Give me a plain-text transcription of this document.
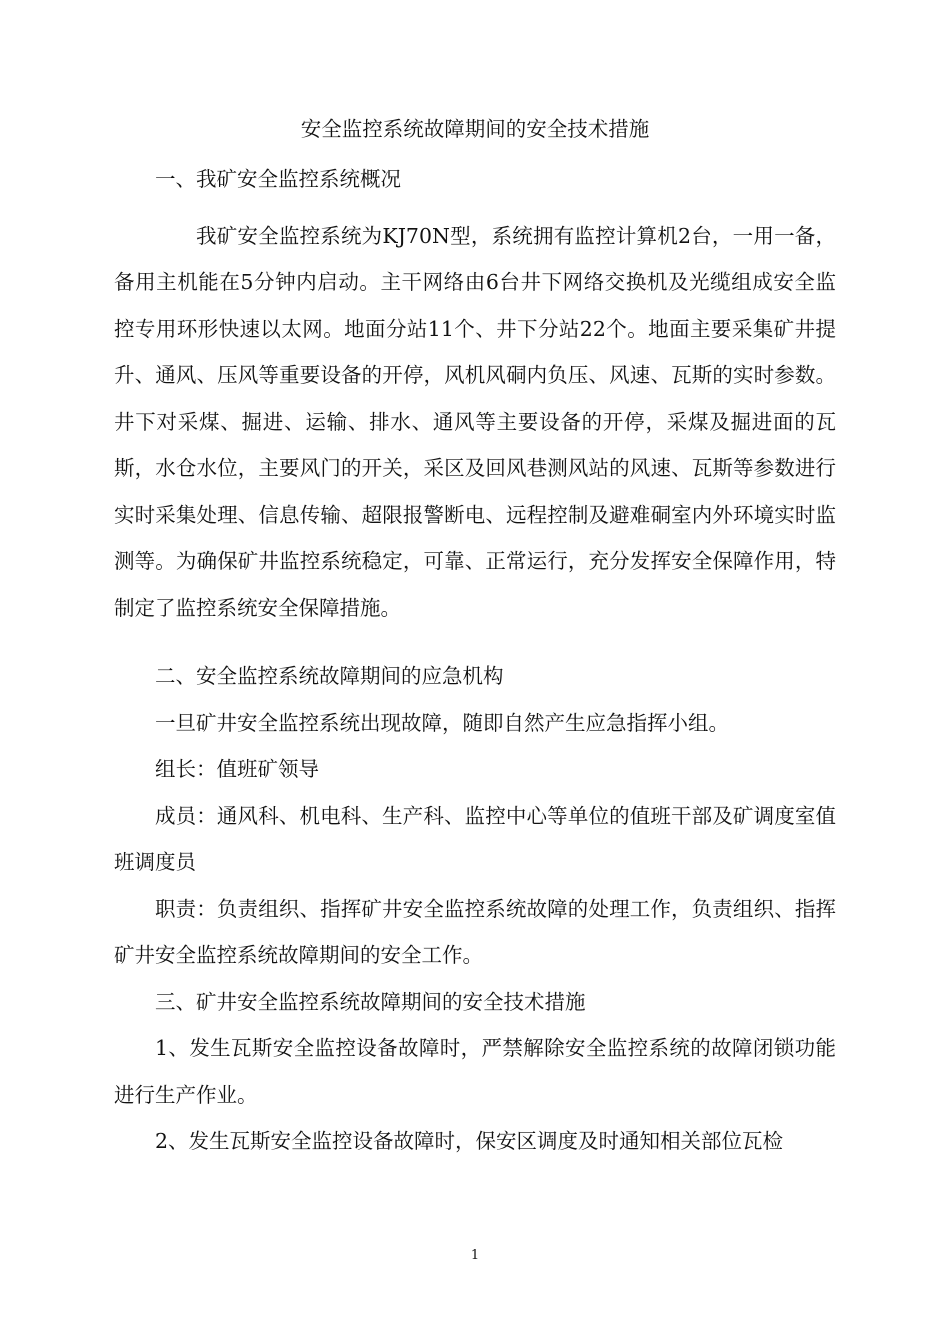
安全监控系统故障期间的安全技术措施

一、我矿安全监控系统概况

我矿安全监控系统为KJ70N型，系统拥有监控计算机2台，一用一备，备用主机能在5分钟内启动。主干网络由6台井下网络交换机及光缆组成安全监控专用环形快速以太网。地面分站11个、井下分站22个。地面主要采集矿井提升、通风、压风等重要设备的开停，风机风硐内负压、风速、瓦斯的实时参数。井下对采煤、掘进、运输、排水、通风等主要设备的开停，采煤及掘进面的瓦斯，水仓水位，主要风门的开关，采区及回风巷测风站的风速、瓦斯等参数进行实时采集处理、信息传输、超限报警断电、远程控制及避难硐室内外环境实时监测等。为确保矿井监控系统稳定，可靠、正常运行，充分发挥安全保障作用，特制定了监控系统安全保障措施。

二、安全监控系统故障期间的应急机构

一旦矿井安全监控系统出现故障，随即自然产生应急指挥小组。

组长：值班矿领导

成员：通风科、机电科、生产科、监控中心等单位的值班干部及矿调度室值班调度员

职责：负责组织、指挥矿井安全监控系统故障的处理工作，负责组织、指挥矿井安全监控系统故障期间的安全工作。

三、矿井安全监控系统故障期间的安全技术措施

1、发生瓦斯安全监控设备故障时，严禁解除安全监控系统的故障闭锁功能进行生产作业。

2、发生瓦斯安全监控设备故障时，保安区调度及时通知相关部位瓦检

1
